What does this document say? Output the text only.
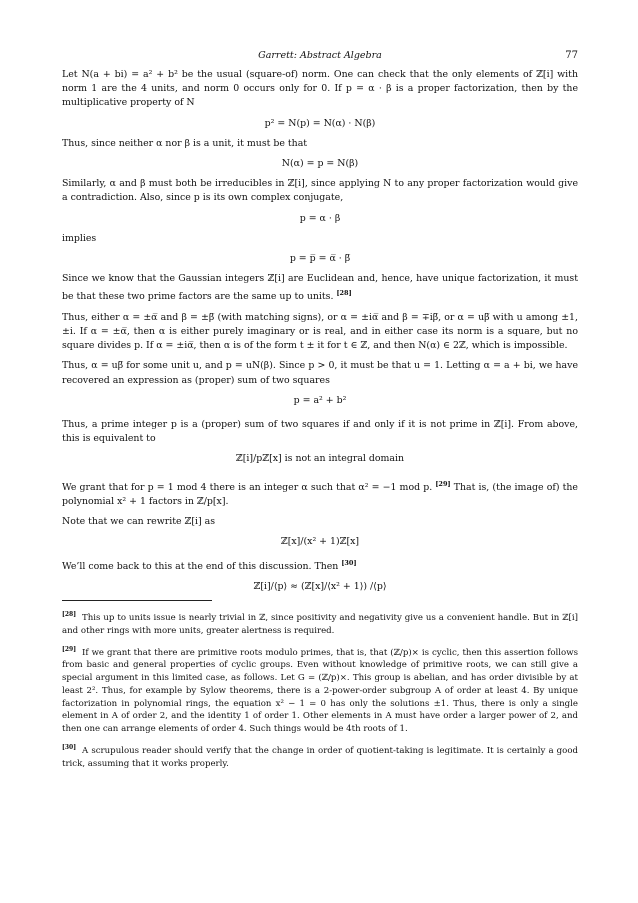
Garrett: Abstract Algebra	77

Let N(a + bi) = a² + b² be the usual (square-of) norm. One can check that the only elements of ℤ[i] with norm 1 are the 4 units, and norm 0 occurs only for 0. If p = α · β is a proper factorization, then by the multiplicative property of N

p² = N(p) = N(α) · N(β)

Thus, since neither α nor β is a unit, it must be that

N(α) = p = N(β)

Similarly, α and β must both be irreducibles in ℤ[i], since applying N to any proper factorization would give a contradiction. Also, since p is its own complex conjugate,

p = α · β

implies

p = p̅ = α̅ · β̅

Since we know that the Gaussian integers ℤ[i] are Euclidean and, hence, have unique factorization, it must be that these two prime factors are the same up to units. [28]

Thus, either α = ±α̅ and β = ±β̅ (with matching signs), or α = ±iα̅ and β = ∓iβ̅, or α = uβ̅ with u among ±1, ±i. If α = ±α̅, then α is either purely imaginary or is real, and in either case its norm is a square, but no square divides p. If α = ±iα̅, then α is of the form t ± it for t ∈ ℤ, and then N(α) ∈ 2ℤ, which is impossible.

Thus, α = uβ̅ for some unit u, and p = uN(β). Since p > 0, it must be that u = 1. Letting α = a + bi, we have recovered an expression as (proper) sum of two squares

p = a² + b²

Thus, a prime integer p is a (proper) sum of two squares if and only if it is not prime in ℤ[i]. From above, this is equivalent to

ℤ[i]/pℤ[x] is not an integral domain

We grant that for p = 1 mod 4 there is an integer α such that α² = −1 mod p. [29] That is, (the image of) the polynomial x² + 1 factors in ℤ/p[x].

Note that we can rewrite ℤ[i] as

ℤ[x]/(x² + 1)ℤ[x]

We’ll come back to this at the end of this discussion. Then [30]

ℤ[i]/⟨p⟩ ≈ (ℤ[x]/⟨x² + 1⟩) /⟨p⟩

[28] This up to units issue is nearly trivial in ℤ, since positivity and negativity give us a convenient handle. But in ℤ[i] and other rings with more units, greater alertness is required.

[29] If we grant that there are primitive roots modulo primes, that is, that (ℤ/p)× is cyclic, then this assertion follows from basic and general properties of cyclic groups. Even without knowledge of primitive roots, we can still give a special argument in this limited case, as follows. Let G = (ℤ/p)×. This group is abelian, and has order divisible by at least 2². Thus, for example by Sylow theorems, there is a 2-power-order subgroup A of order at least 4. By unique factorization in polynomial rings, the equation x² − 1 = 0 has only the solutions ±1. Thus, there is only a single element in A of order 2, and the identity 1 of order 1. Other elements in A must have order a larger power of 2, and then one can arrange elements of order 4. Such things would be 4th roots of 1.

[30] A scrupulous reader should verify that the change in order of quotient-taking is legitimate. It is certainly a good trick, assuming that it works properly.
